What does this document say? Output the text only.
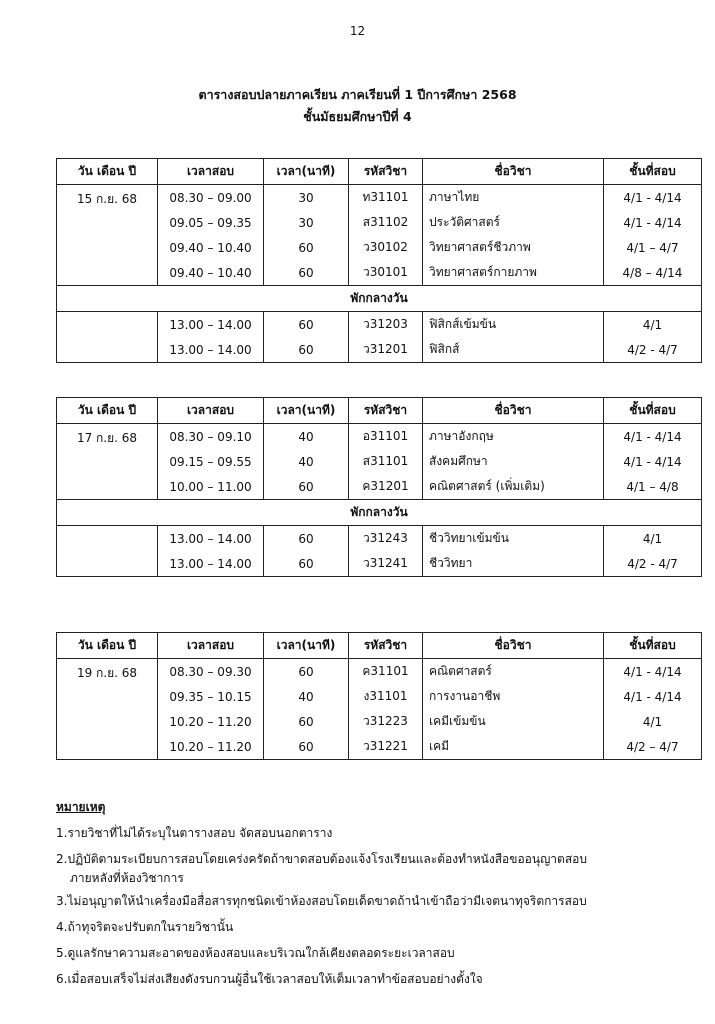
12
ตารางสอบปลายภาคเรียน ภาคเรียนที่ 1 ปีการศึกษา 2568
ชั้นมัธยมศึกษาปีที่ 4
วัน เดือน ปี	เวลาสอบ	เวลา(นาที)	รหัสวิชา	ชื่อวิชา	ชั้นที่สอบ
15 ก.ย. 68	08.30 – 09.00	30	ท31101	ภาษาไทย	4/1 - 4/14
	09.05 – 09.35	30	ส31102	ประวัติศาสตร์	4/1 - 4/14
	09.40 – 10.40	60	ว30102	วิทยาศาสตร์ชีวภาพ	4/1 – 4/7
	09.40 – 10.40	60	ว30101	วิทยาศาสตร์กายภาพ	4/8 – 4/14
พักกลางวัน					
	13.00 – 14.00	60	ว31203	ฟิสิกส์เข้มข้น	4/1
	13.00 – 14.00	60	ว31201	ฟิสิกส์	4/2 - 4/7
วัน เดือน ปี	เวลาสอบ	เวลา(นาที)	รหัสวิชา	ชื่อวิชา	ชั้นที่สอบ
17 ก.ย. 68	08.30 – 09.10	40	อ31101	ภาษาอังกฤษ	4/1 - 4/14
	09.15 – 09.55	40	ส31101	สังคมศึกษา	4/1 - 4/14
	10.00 – 11.00	60	ค31201	คณิตศาสตร์ (เพิ่มเติม)	4/1 – 4/8
พักกลางวัน					
	13.00 – 14.00	60	ว31243	ชีววิทยาเข้มข้น	4/1
	13.00 – 14.00	60	ว31241	ชีววิทยา	4/2 - 4/7
วัน เดือน ปี	เวลาสอบ	เวลา(นาที)	รหัสวิชา	ชื่อวิชา	ชั้นที่สอบ
19 ก.ย. 68	08.30 – 09.30	60	ค31101	คณิตศาสตร์	4/1 - 4/14
	09.35 – 10.15	40	ง31101	การงานอาชีพ	4/1 - 4/14
	10.20 – 11.20	60	ว31223	เคมีเข้มข้น	4/1
	10.20 – 11.20	60	ว31221	เคมี	4/2 – 4/7
หมายเหตุ
1.รายวิชาที่ไม่ได้ระบุในตารางสอบ จัดสอบนอกตาราง
2.ปฏิบัติตามระเบียบการสอบโดยเคร่งครัดถ้าขาดสอบต้องแจ้งโรงเรียนและต้องทำหนังสือขออนุญาตสอบ
ภายหลังที่ห้องวิชาการ
3.ไม่อนุญาตให้นำเครื่องมือสื่อสารทุกชนิดเข้าห้องสอบโดยเด็ดขาดถ้านำเข้าถือว่ามีเจตนาทุจริตการสอบ
4.ถ้าทุจริตจะปรับตกในรายวิชานั้น
5.ดูแลรักษาความสะอาดของห้องสอบและบริเวณใกล้เคียงตลอดระยะเวลาสอบ
6.เมื่อสอบเสร็จไม่ส่งเสียงดังรบกวนผู้อื่นใช้เวลาสอบให้เต็มเวลาทำข้อสอบอย่างตั้งใจ
